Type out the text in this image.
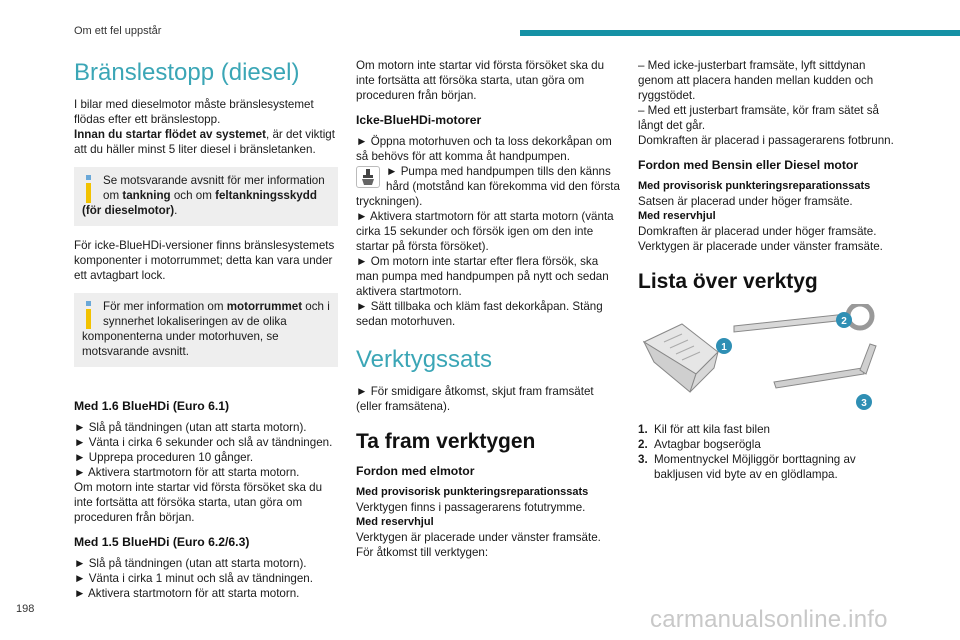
Om ett fel uppstår
Bränslestopp (diesel)

I bilar med dieselmotor måste bränslesystemet flödas efter ett bränslestopp.
Innan du startar flödet av systemet, är det viktigt att du häller minst 5 liter diesel i bränsletanken.

Se motsvarande avsnitt för mer information om tankning och om feltankningsskydd (för dieselmotor).

För icke-BlueHDi-versioner finns bränslesystemets komponenter i motorrummet; detta kan vara under ett avtagbart lock.

För mer information om motorrummet och i synnerhet lokaliseringen av de olika komponenterna under motorhuven, se motsvarande avsnitt.
Med 1.6 BlueHDi (Euro 6.1)

► Slå på tändningen (utan att starta motorn).

► Vänta i cirka 6 sekunder och slå av tändningen.

► Upprepa proceduren 10 gånger.

► Aktivera startmotorn för att starta motorn.

Om motorn inte startar vid första försöket ska du inte fortsätta att försöka starta, utan göra om proceduren från början.

Med 1.5 BlueHDi (Euro 6.2/6.3)

► Slå på tändningen (utan att starta motorn).

► Vänta i cirka 1 minut och slå av tändningen.

► Aktivera startmotorn för att starta motorn.

Om motorn inte startar vid första försöket ska du inte fortsätta att försöka starta, utan göra om proceduren från början.

Icke-BlueHDi-motorer

► Öppna motorhuven och ta loss dekorkåpan om så behövs för att komma åt handpumpen.

► Pumpa med handpumpen tills den känns hård (motstånd kan förekomma vid den första tryckningen).

► Aktivera startmotorn för att starta motorn (vänta cirka 15 sekunder och försök igen om den inte startar på första försöket).

► Om motorn inte startar efter flera försök, ska man pumpa med handpumpen på nytt och sedan aktivera startmotorn.

► Sätt tillbaka och kläm fast dekorkåpan. Stäng sedan motorhuven.

Verktygssats

► För smidigare åtkomst, skjut fram framsätet (eller framsätena).

Ta fram verktygen
Fordon med elmotor

Med provisorisk punkteringsreparationssats

Verktygen finns i passagerarens fotutrymme.

Med reservhjul

Verktygen är placerade under vänster framsäte.

För åtkomst till verktygen:

– Med icke-justerbart framsäte, lyft sittdynan genom att placera handen mellan kudden och ryggstödet.

– Med ett justerbart framsäte, kör fram sätet så långt det går.

Domkraften är placerad i passagerarens fotbrunn.

Fordon med Bensin eller Diesel motor

Med provisorisk punkteringsreparationssats

Satsen är placerad under höger framsäte.

Med reservhjul

Domkraften är placerad under höger framsäte.

Verktygen är placerade under vänster framsäte.

Lista över verktyg
1
2
3
1. Kil för att kila fast bilen
2. Avtagbar bogserögla
3. Momentnyckel Möjliggör borttagning av bakljusen vid byte av en glödlampa.
198	carmanualsonline.info
